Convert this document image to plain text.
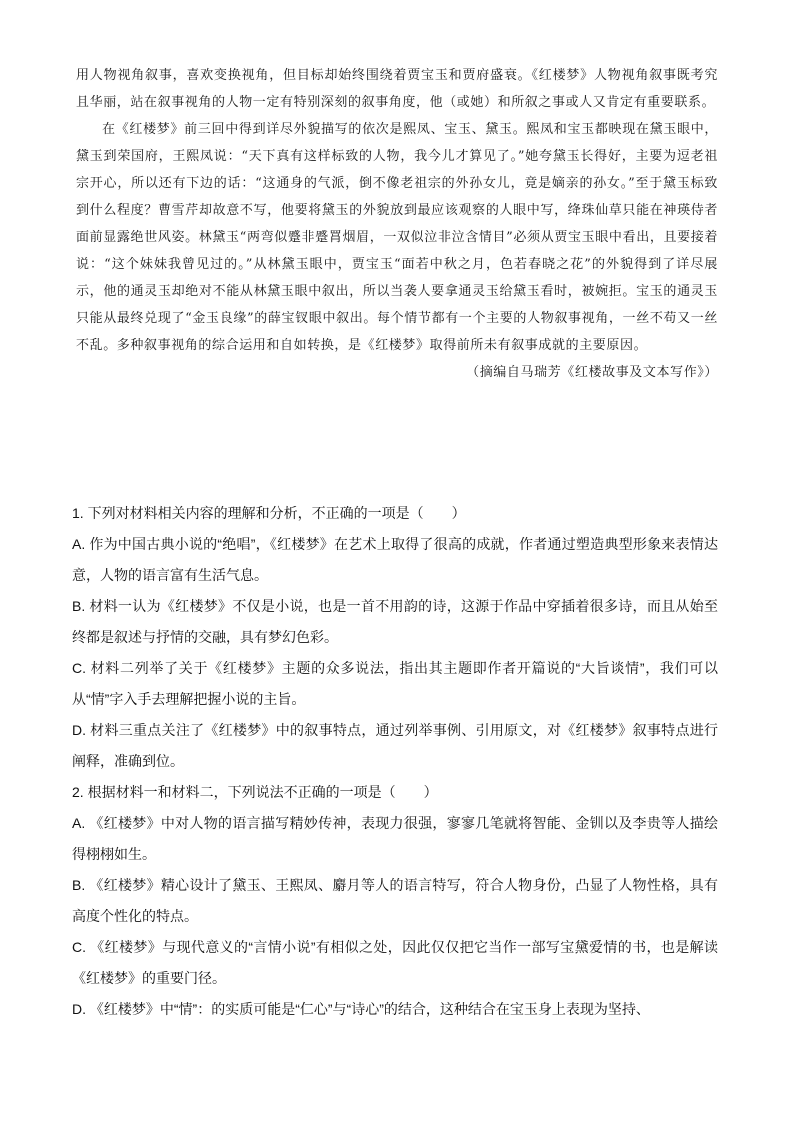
用人物视角叙事，喜欢变换视角，但目标却始终围绕着贾宝玉和贾府盛衰。《红楼梦》人物视角叙事既考究且华丽，站在叙事视角的人物一定有特别深刻的叙事角度，他（或她）和所叙之事或人又肯定有重要联系。

在《红楼梦》前三回中得到详尽外貌描写的依次是熙凤、宝玉、黛玉。熙凤和宝玉都映现在黛玉眼中，黛玉到荣国府，王熙凤说：“天下真有这样标致的人物，我今儿才算见了。”她夸黛玉长得好，主要为逗老祖宗开心，所以还有下边的话：“这通身的气派，倒不像老祖宗的外孙女儿，竟是嫡亲的孙女。”至于黛玉标致到什么程度？曹雪芹却故意不写，他要将黛玉的外貌放到最应该观察的人眼中写，绛珠仙草只能在神瑛侍者面前显露绝世风姿。林黛玉“两弯似蹙非蹙罥烟眉，一双似泣非泣含情目”必须从贾宝玉眼中看出，且要接着说：“这个妹妹我曾见过的。”从林黛玉眼中，贾宝玉“面若中秋之月，色若春晓之花”的外貌得到了详尽展示，他的通灵玉却绝对不能从林黛玉眼中叙出，所以当袭人要拿通灵玉给黛玉看时，被婉拒。宝玉的通灵玉只能从最终兑现了“金玉良缘”的薛宝钗眼中叙出。每个情节都有一个主要的人物叙事视角，一丝不苟又一丝不乱。多种叙事视角的综合运用和自如转换，是《红楼梦》取得前所未有叙事成就的主要原因。

（摘编自马瑞芳《红楼故事及文本写作》）

1. 下列对材料相关内容的理解和分析，不正确的一项是（　　）

A. 作为中国古典小说的“绝唱”，《红楼梦》在艺术上取得了很高的成就，作者通过塑造典型形象来表情达意，人物的语言富有生活气息。

B. 材料一认为《红楼梦》不仅是小说，也是一首不用韵的诗，这源于作品中穿插着很多诗，而且从始至终都是叙述与抒情的交融，具有梦幻色彩。

C. 材料二列举了关于《红楼梦》主题的众多说法，指出其主题即作者开篇说的“大旨谈情”，我们可以从“情”字入手去理解把握小说的主旨。

D. 材料三重点关注了《红楼梦》中的叙事特点，通过列举事例、引用原文，对《红楼梦》叙事特点进行阐释，准确到位。

2. 根据材料一和材料二，下列说法不正确的一项是（　　）

A. 《红楼梦》中对人物的语言描写精妙传神，表现力很强，寥寥几笔就将智能、金钏以及李贵等人描绘得栩栩如生。

B. 《红楼梦》精心设计了黛玉、王熙凤、麝月等人的语言特写，符合人物身份，凸显了人物性格，具有高度个性化的特点。

C. 《红楼梦》与现代意义的“言情小说”有相似之处，因此仅仅把它当作一部写宝黛爱情的书，也是解读《红楼梦》的重要门径。

D. 《红楼梦》中“情”：的实质可能是“仁心”与“诗心”的结合，这种结合在宝玉身上表现为坚持、
